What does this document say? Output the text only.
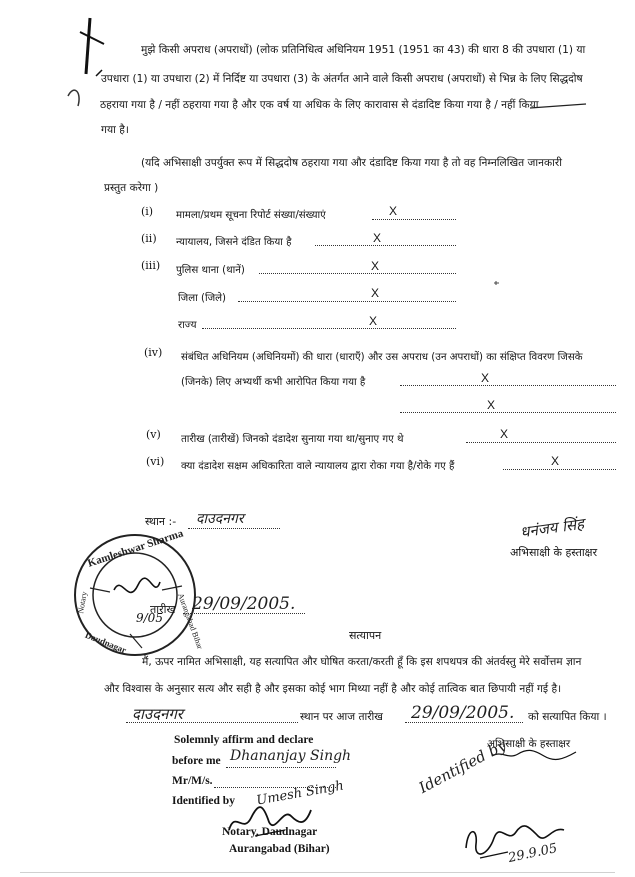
मुझे किसी अपराध (अपराधों) (लोक प्रतिनिधित्व अधिनियम 1951 (1951 का 43) की धारा 8 की उपधारा (1) या
उपधारा (1) या उपधारा (2) में निर्दिष्ट या उपधारा (3) के अंतर्गत आने वाले किसी अपराध (अपराधों) से भिन्न के लिए सिद्धदोष
ठहराया गया है / नहीं ठहराया गया है और एक वर्ष या अधिक के लिए कारावास से दंडादिष्ट किया गया है / नहीं किया
गया है।
(यदि अभिसाक्षी उपर्युक्त रूप में सिद्धदोष ठहराया गया और दंडादिष्ट किया गया है तो वह निम्नलिखित जानकारी
प्रस्तुत करेगा )
(i) मामला/प्रथम सूचना रिपोर्ट संख्या/संख्याएं	X
(ii) न्यायालय, जिसने दंडित किया है	X
(iii) पुलिस थाना (थानें)	X
जिला (जिले)	X
राज्य	X
(iv) संबंधित अधिनियम (अधिनियमों) की धारा (धाराएँ) और उस अपराध (उन अपराधों) का संक्षिप्त विवरण जिसके
(जिनके) लिए अभ्यर्थी कभी आरोपित किया गया है	X
X
(v) तारीख (तारीखें) जिनको दंडादेश सुनाया गया था/सुनाए गए थे	X
(vi) क्या दंडादेश सक्षम अधिकारिता वाले न्यायालय द्वारा रोका गया है/रोके गए हैं	X
स्थान :- दाउदनगर	धनंजय सिंह
अभिसाक्षी के हस्ताक्षर
Kamleshwar Sharma
Notary
Daudnagar	Aurangabad Bihar
9/05
तारीख 29/09/2005.
सत्यापन
मैं, ऊपर नामित अभिसाक्षी, यह सत्यापित और घोषित करता/करती हूँ कि इस शपथपत्र की अंतर्वस्तु मेरे सर्वोत्तम ज्ञान
और विश्वास के अनुसार सत्य और सही है और इसका कोई भाग मिथ्या नहीं है और कोई तात्विक बात छिपायी नहीं गई है।
दाउदनगर	स्थान पर आज तारीख 29/09/2005. को सत्यापित किया ।
Solemnly affirm and declare
before me Dhananjay Singh
Mr/M/s.
Identified by Umesh Singh
Notary, Daudnagar
Aurangabad (Bihar)
अभिसाक्षी के हस्ताक्षर
Identified by
29.9.05
